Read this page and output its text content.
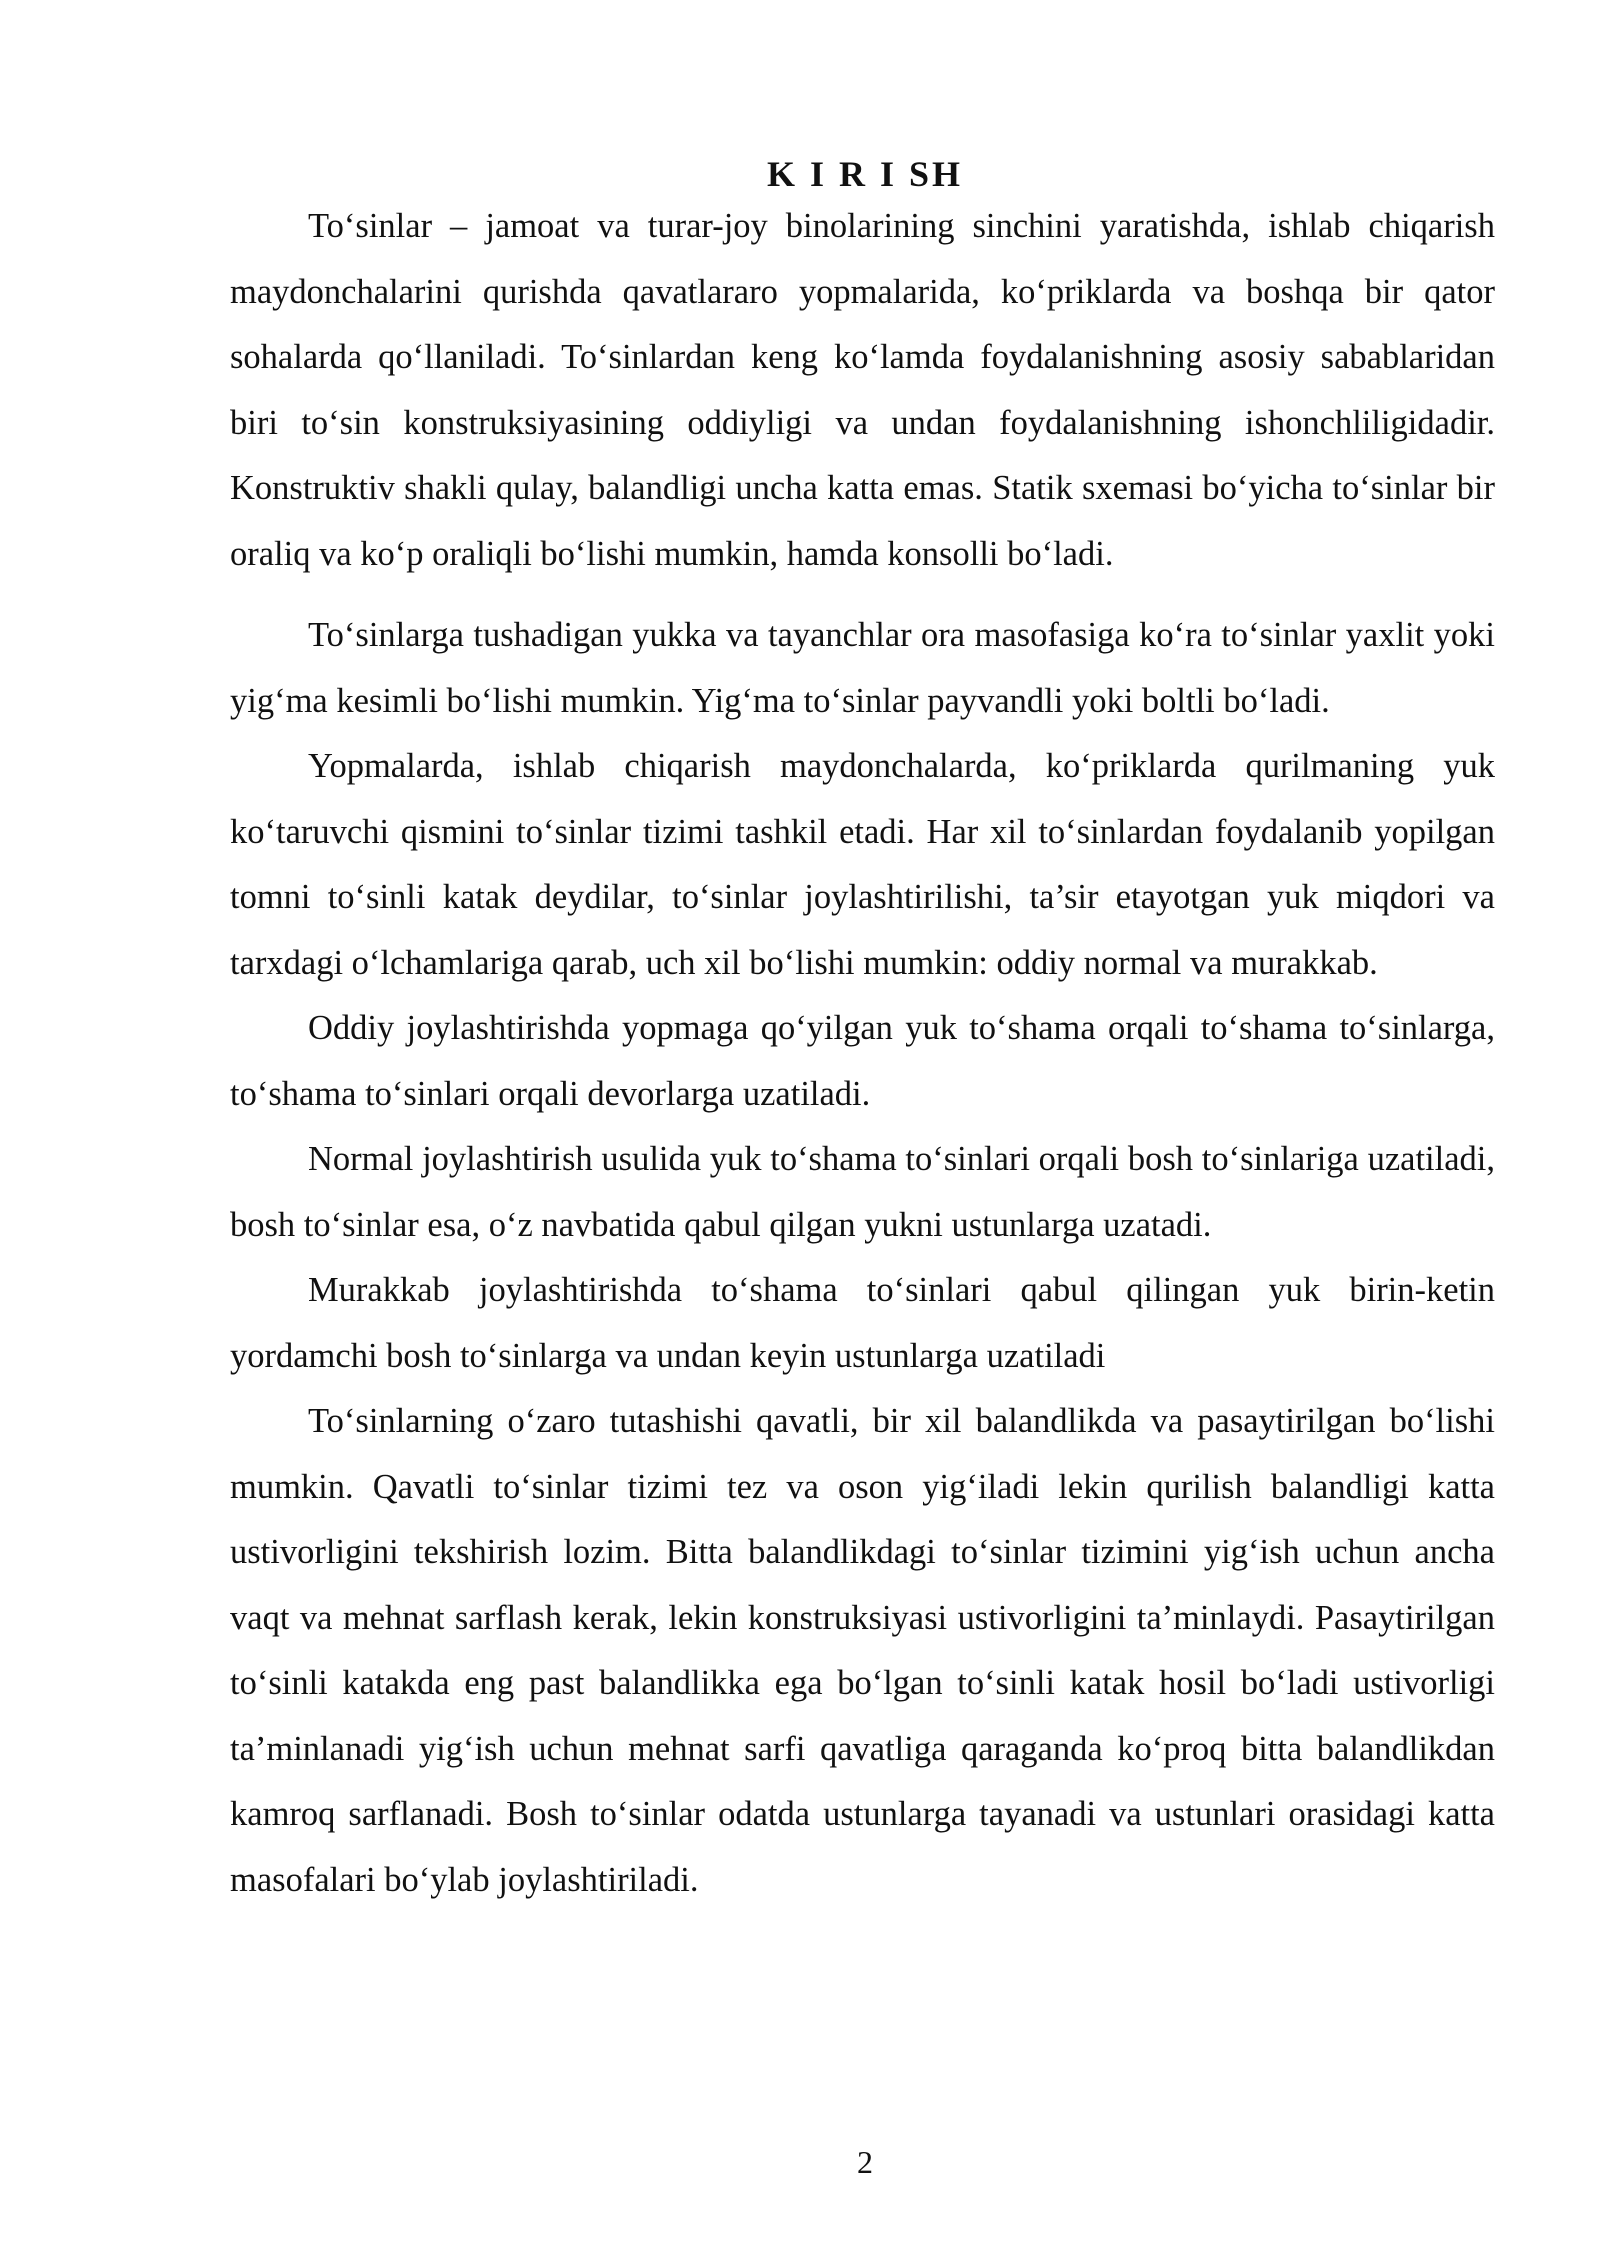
K I R I SH

To‘sinlar – jamoat va turar-joy binolarining sinchini yaratishda, ishlab chiqarish maydonchalarini qurishda qavatlararo yopmalarida, ko‘priklarda va boshqa bir qator sohalarda qo‘llaniladi. To‘sinlardan keng ko‘lamda foydalanishning asosiy sabablaridan biri to‘sin konstruksiyasining oddiyligi va undan foydalanishning ishonchliligidadir. Konstruktiv shakli qulay, balandligi uncha katta emas. Statik sxemasi bo‘yicha to‘sinlar bir oraliq va ko‘p oraliqli bo‘lishi mumkin, hamda konsolli bo‘ladi.

To‘sinlarga tushadigan yukka va tayanchlar ora masofasiga ko‘ra to‘sinlar yaxlit yoki yig‘ma kesimli bo‘lishi mumkin. Yig‘ma to‘sinlar payvandli yoki boltli bo‘ladi.

Yopmalarda, ishlab chiqarish maydonchalarda, ko‘priklarda qurilmaning yuk ko‘taruvchi qismini to‘sinlar tizimi tashkil etadi. Har xil to‘sinlardan foydalanib yopilgan tomni to‘sinli katak deydilar, to‘sinlar joylashtirilishi, ta’sir etayotgan yuk miqdori va tarxdagi o‘lchamlariga qarab, uch xil bo‘lishi mumkin: oddiy normal va murakkab.

Oddiy joylashtirishda yopmaga qo‘yilgan yuk to‘shama orqali to‘shama to‘sinlarga, to‘shama to‘sinlari orqali devorlarga uzatiladi.

Normal joylashtirish usulida yuk to‘shama to‘sinlari orqali bosh to‘sinlariga uzatiladi, bosh to‘sinlar esa, o‘z navbatida qabul qilgan yukni ustunlarga uzatadi.

Murakkab joylashtirishda to‘shama to‘sinlari qabul qilingan yuk birin-ketin yordamchi bosh to‘sinlarga va undan keyin ustunlarga uzatiladi

To‘sinlarning o‘zaro tutashishi qavatli, bir xil balandlikda va pasaytirilgan bo‘lishi mumkin. Qavatli to‘sinlar tizimi tez va oson yig‘iladi lekin qurilish balandligi katta ustivorligini tekshirish lozim. Bitta balandlikdagi to‘sinlar tizimini yig‘ish uchun ancha vaqt va mehnat sarflash kerak, lekin konstruksiyasi ustivorligini ta’minlaydi. Pasaytirilgan to‘sinli katakda eng past balandlikka ega bo‘lgan to‘sinli katak hosil bo‘ladi ustivorligi ta’minlanadi yig‘ish uchun mehnat sarfi qavatliga qaraganda ko‘proq bitta balandlikdan kamroq sarflanadi. Bosh to‘sinlar odatda ustunlarga tayanadi va ustunlari orasidagi katta masofalari bo‘ylab joylashtiriladi.

2
